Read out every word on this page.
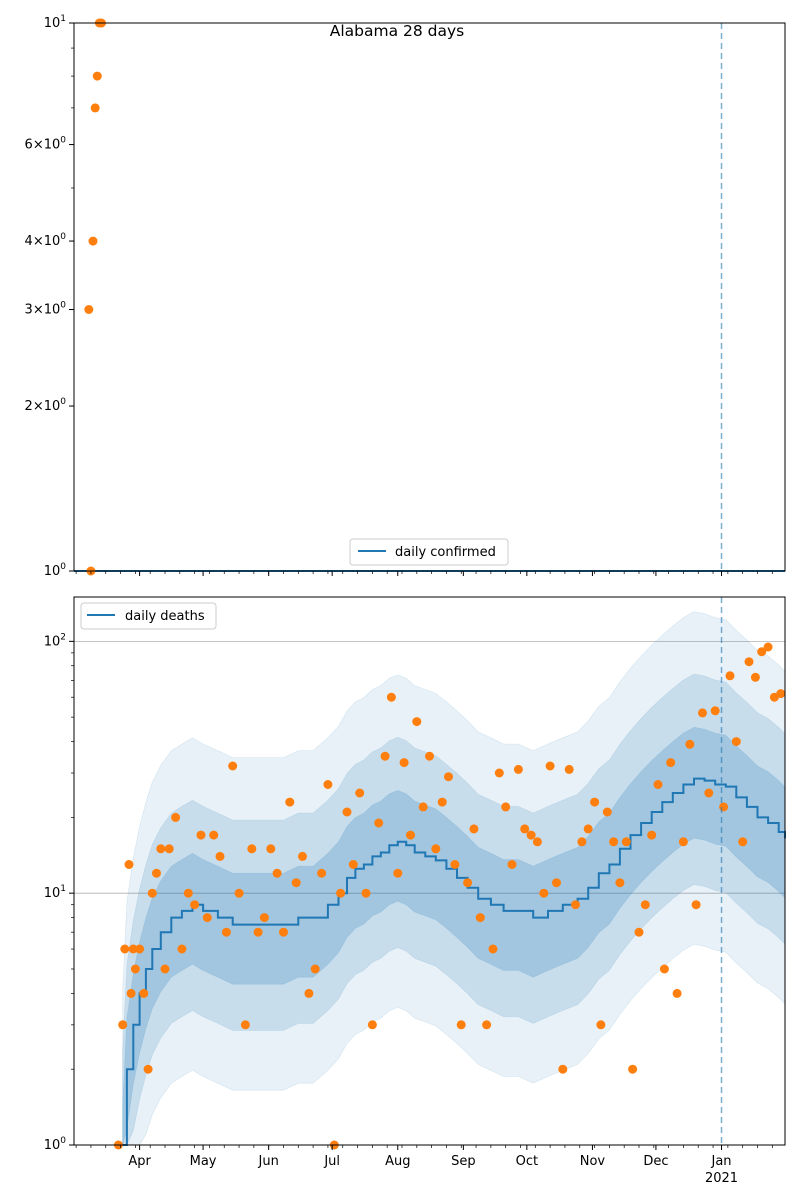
$10^0$
$2\times 10^0$
$3\times 10^0$
$4\times 10^0$
$6\times 10^0$
$10^1$
Alabama 28 days
daily confirmed
$10^0$
$10^1$
$10^2$
Apr	May	Jun	Jul	Aug	Sep	Oct	Nov	Dec	Jan
2021
daily deaths
